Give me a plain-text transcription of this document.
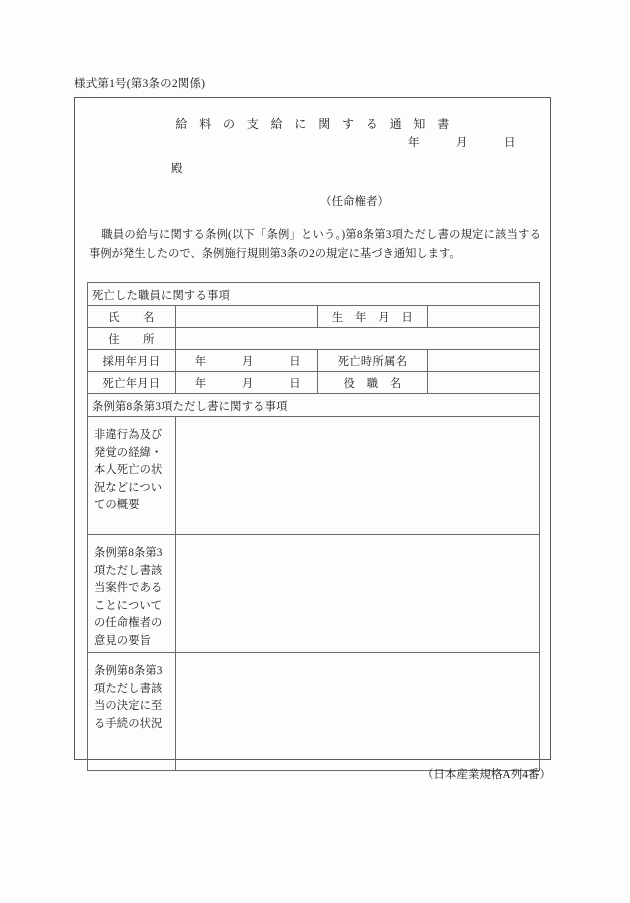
様式第1号(第3条の2関係)
給 料 の 支 給 に 関 す る 通 知 書
年　　　月　　　日
殿
（任命権者）

職員の給与に関する条例(以下「条例」という。)第8条第3項ただし書の規定に該当する事例が発生したので、条例施行規則第3条の2の規定に基づき通知します。

死亡した職員に関する事項			
氏　　名		生　年　月　日	
住　　所			
採用年月日	年　　　月　　　日	死亡時所属名	
死亡年月日	年　　　月　　　日	役　職　名	
条例第8条第3項ただし書に関する事項			
非違行為及び発覚の経緯・本人死亡の状況などについての概要			
条例第8条第3項ただし書該当案件であることについての任命権者の意見の要旨			
条例第8条第3項ただし書該当の決定に至る手続の状況			
（日本産業規格A列4番）
